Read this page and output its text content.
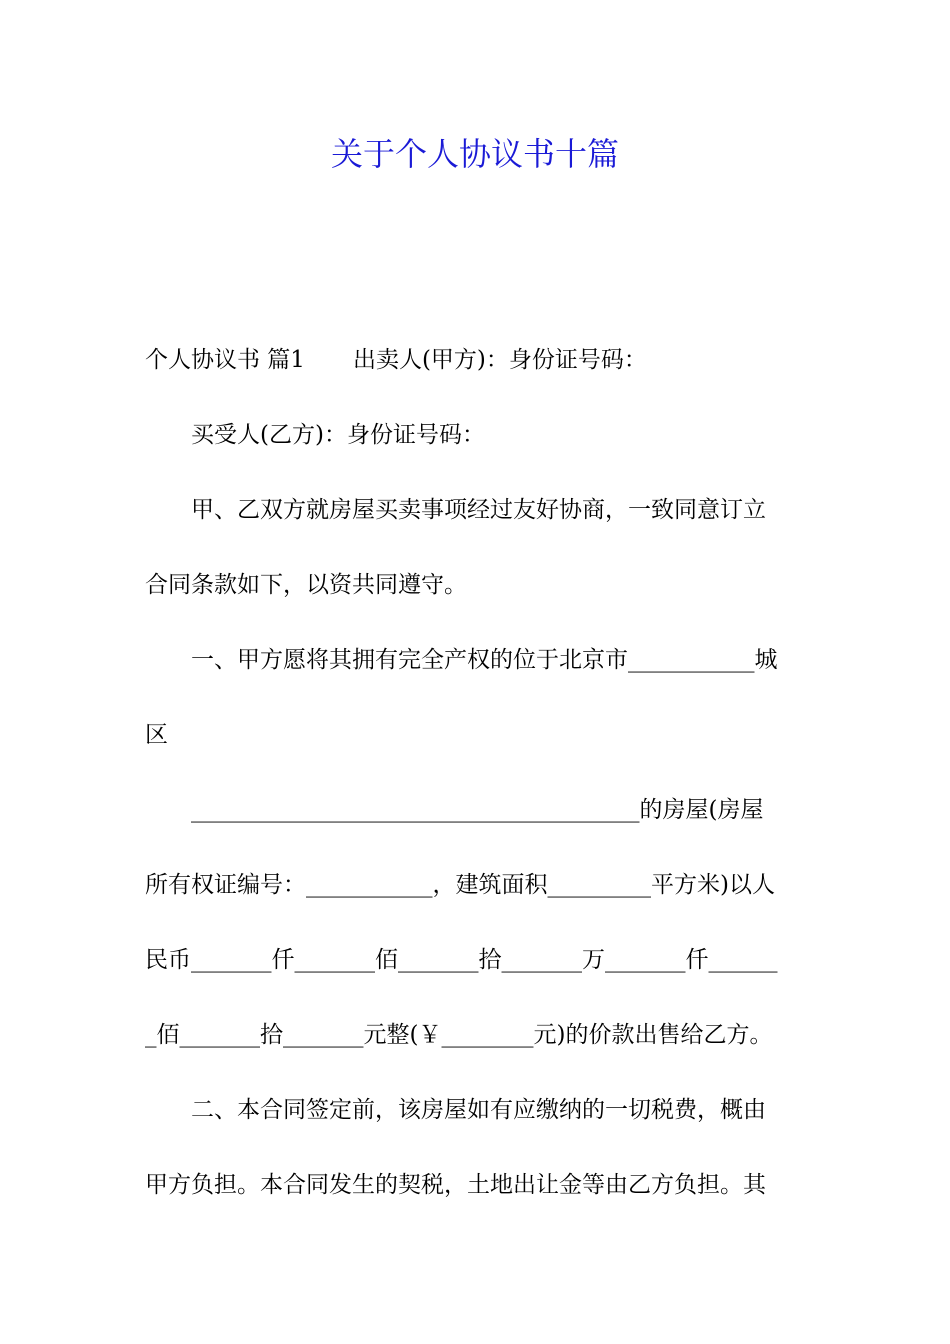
关于个人协议书十篇

个人协议书 篇1 出卖人(甲方)：身份证号码：

买受人(乙方)：身份证号码：

甲、乙双方就房屋买卖事项经过友好协商，一致同意订立

合同条款如下，以资共同遵守。

一、甲方愿将其拥有完全产权的位于北京市___________城

区

_______________________________________的房屋(房屋

所有权证编号：___________，建筑面积_________平方米)以人

民币_______仟_______佰_______拾_______万_______仟______

_佰_______拾_______元整(￥________元)的价款出售给乙方。

二、本合同签定前，该房屋如有应缴纳的一切税费，概由

甲方负担。本合同发生的契税，土地出让金等由乙方负担。其
